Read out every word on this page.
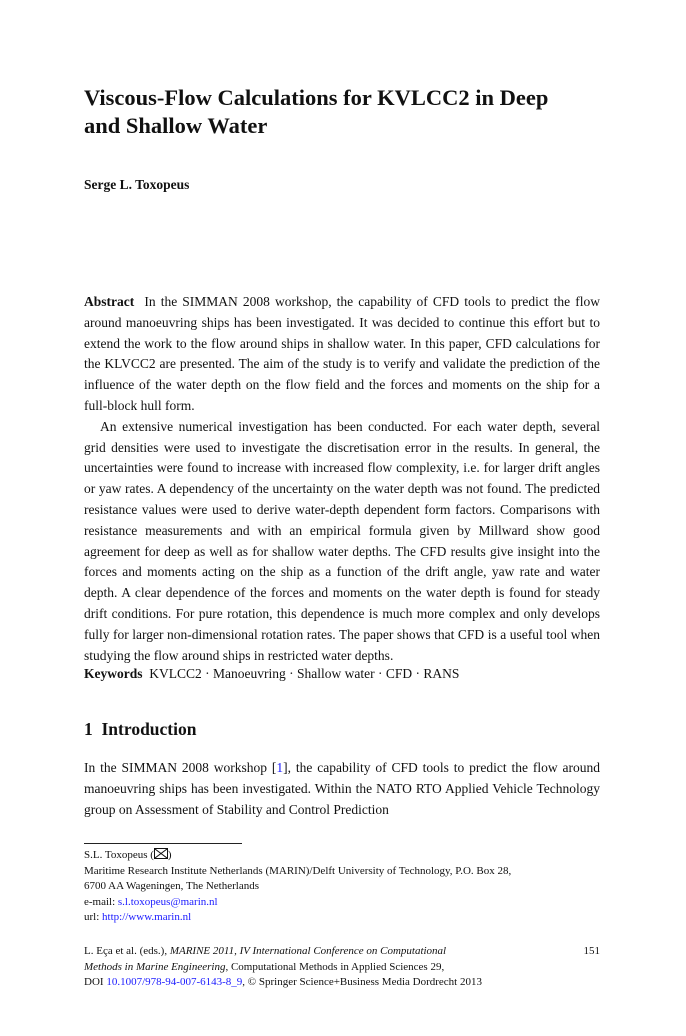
Viscous-Flow Calculations for KVLCC2 in Deep
and Shallow Water

Serge L. Toxopeus

Abstract In the SIMMAN 2008 workshop, the capability of CFD tools to predict the flow around manoeuvring ships has been investigated. It was decided to continue this effort but to extend the work to the flow around ships in shallow water. In this paper, CFD calculations for the KLVCC2 are presented. The aim of the study is to verify and validate the prediction of the influence of the water depth on the flow field and the forces and moments on the ship for a full-block hull form.

An extensive numerical investigation has been conducted. For each water depth, several grid densities were used to investigate the discretisation error in the results. In general, the uncertainties were found to increase with increased flow complexity, i.e. for larger drift angles or yaw rates. A dependency of the uncertainty on the water depth was not found. The predicted resistance values were used to derive water-depth dependent form factors. Comparisons with resistance measurements and with an empirical formula given by Millward show good agreement for deep as well as for shallow water depths. The CFD results give insight into the forces and moments acting on the ship as a function of the drift angle, yaw rate and water depth. A clear dependence of the forces and moments on the water depth is found for steady drift conditions. For pure rotation, this dependence is much more complex and only develops fully for larger non-dimensional rotation rates. The paper shows that CFD is a useful tool when studying the flow around ships in restricted water depths.

Keywords KVLCC2 · Manoeuvring · Shallow water · CFD · RANS
1 Introduction

In the SIMMAN 2008 workshop [1], the capability of CFD tools to predict the flow around manoeuvring ships has been investigated. Within the NATO RTO Applied Vehicle Technology group on Assessment of Stability and Control Prediction

S.L. Toxopeus ( )
Maritime Research Institute Netherlands (MARIN)/Delft University of Technology, P.O. Box 28,
6700 AA Wageningen, The Netherlands
e-mail: s.l.toxopeus@marin.nl
url: http://www.marin.nl
L. Eça et al. (eds.), MARINE 2011, IV International Conference on Computational
Methods in Marine Engineering, Computational Methods in Applied Sciences 29,
DOI 10.1007/978-94-007-6143-8_9, © Springer Science+Business Media Dordrecht 2013
151
